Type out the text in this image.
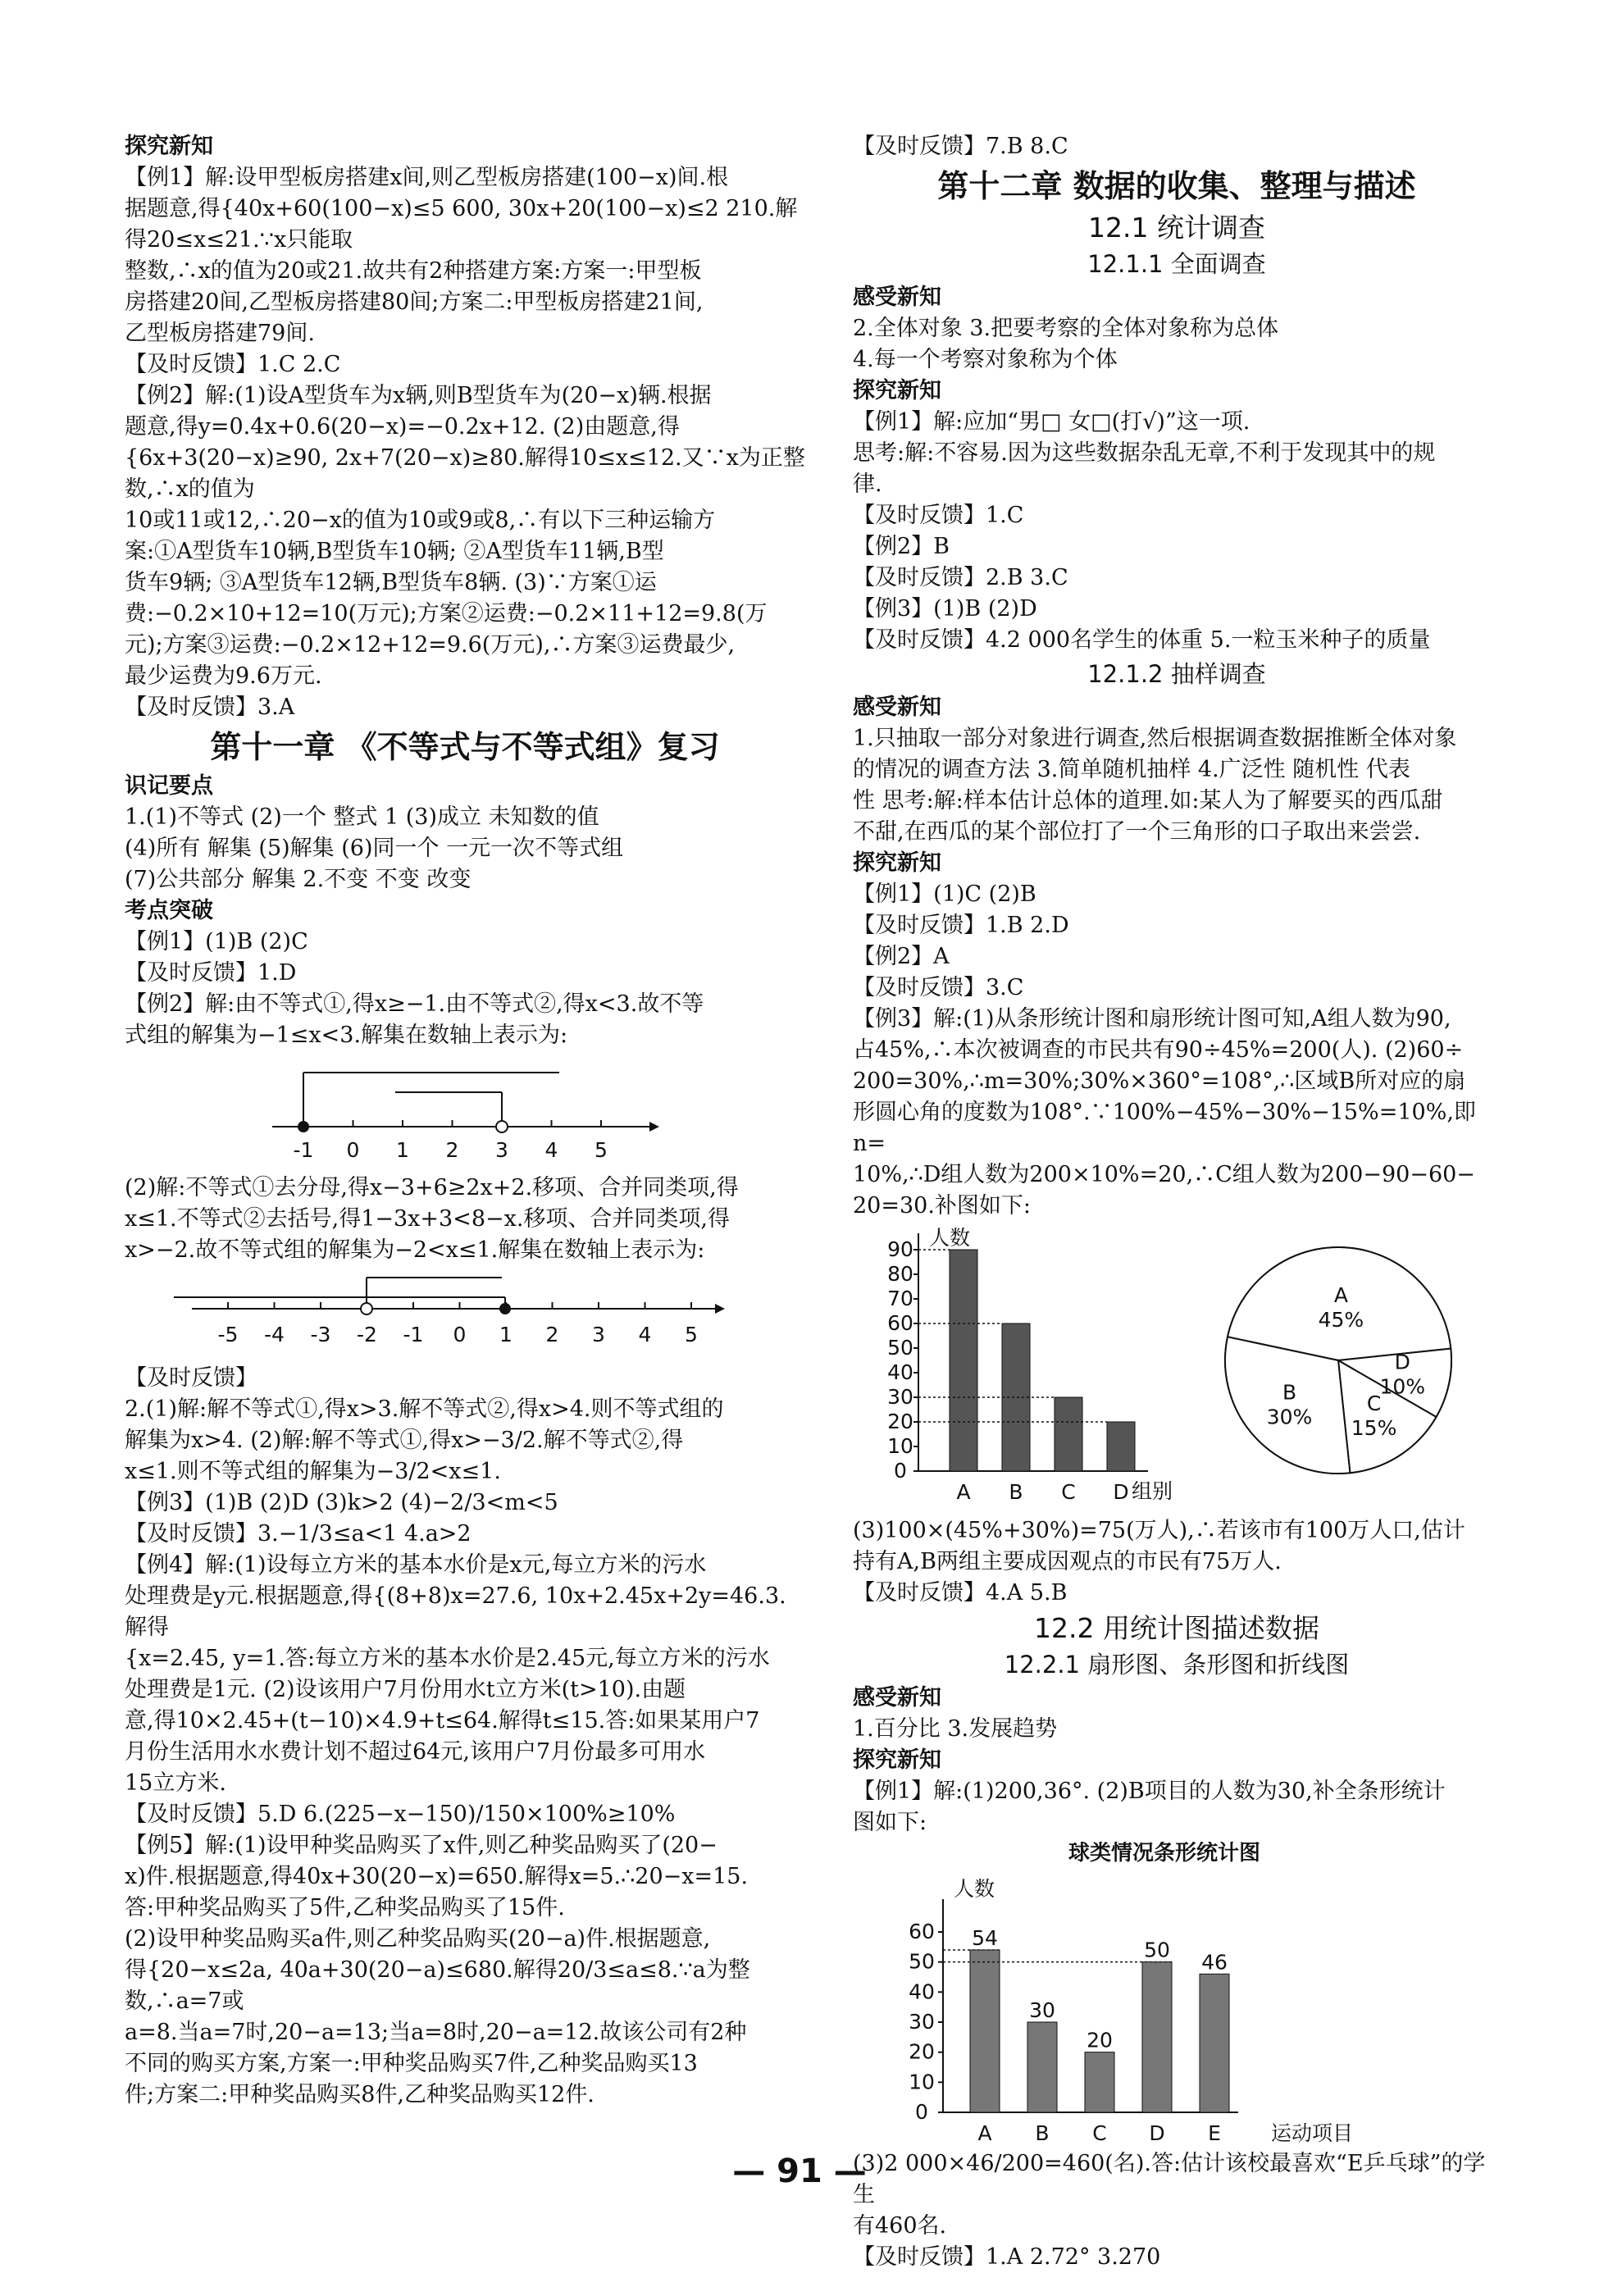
探究新知

【例1】解:设甲型板房搭建x间,则乙型板房搭建(100−x)间.根

据题意,得{40x+60(100−x)≤5 600, 30x+20(100−x)≤2 210.解得20≤x≤21.∵x只能取

整数,∴x的值为20或21.故共有2种搭建方案:方案一:甲型板

房搭建20间,乙型板房搭建80间;方案二:甲型板房搭建21间,

乙型板房搭建79间.

【及时反馈】1.C 2.C

【例2】解:(1)设A型货车为x辆,则B型货车为(20−x)辆.根据

题意,得y=0.4x+0.6(20−x)=−0.2x+12. (2)由题意,得

{6x+3(20−x)≥90, 2x+7(20−x)≥80.解得10≤x≤12.又∵x为正整数,∴x的值为

10或11或12,∴20−x的值为10或9或8,∴有以下三种运输方

案:①A型货车10辆,B型货车10辆; ②A型货车11辆,B型

货车9辆; ③A型货车12辆,B型货车8辆. (3)∵方案①运

费:−0.2×10+12=10(万元);方案②运费:−0.2×11+12=9.8(万

元);方案③运费:−0.2×12+12=9.6(万元),∴方案③运费最少,

最少运费为9.6万元.

【及时反馈】3.A

第十一章 《不等式与不等式组》复习

识记要点

1.(1)不等式 (2)一个 整式 1 (3)成立 未知数的值

(4)所有 解集 (5)解集 (6)同一个 一元一次不等式组

(7)公共部分 解集 2.不变 不变 改变

考点突破

【例1】(1)B (2)C

【及时反馈】1.D

【例2】解:由不等式①,得x≥−1.由不等式②,得x<3.故不等

式组的解集为−1≤x<3.解集在数轴上表示为:

-1 0 1 2 3 4 5

(2)解:不等式①去分母,得x−3+6≥2x+2.移项、合并同类项,得

x≤1.不等式②去括号,得1−3x+3<8−x.移项、合并同类项,得

x>−2.故不等式组的解集为−2<x≤1.解集在数轴上表示为:

-5 -4 -3 -2 -1 0 1 2 3 4 5

【及时反馈】

2.(1)解:解不等式①,得x>3.解不等式②,得x>4.则不等式组的

解集为x>4. (2)解:解不等式①,得x>−3/2.解不等式②,得

x≤1.则不等式组的解集为−3/2<x≤1.

【例3】(1)B (2)D (3)k>2 (4)−2/3<m<5

【及时反馈】3.−1/3≤a<1 4.a>2

【例4】解:(1)设每立方米的基本水价是x元,每立方米的污水

处理费是y元.根据题意,得{(8+8)x=27.6, 10x+2.45x+2y=46.3.解得

{x=2.45, y=1.答:每立方米的基本水价是2.45元,每立方米的污水

处理费是1元. (2)设该用户7月份用水t立方米(t>10).由题

意,得10×2.45+(t−10)×4.9+t≤64.解得t≤15.答:如果某用户7

月份生活用水水费计划不超过64元,该用户7月份最多可用水

15立方米.

【及时反馈】5.D 6.(225−x−150)/150×100%≥10%

【例5】解:(1)设甲种奖品购买了x件,则乙种奖品购买了(20−

x)件.根据题意,得40x+30(20−x)=650.解得x=5.∴20−x=15.

答:甲种奖品购买了5件,乙种奖品购买了15件.

(2)设甲种奖品购买a件,则乙种奖品购买(20−a)件.根据题意,

得{20−x≤2a, 40a+30(20−a)≤680.解得20/3≤a≤8.∵a为整数,∴a=7或

a=8.当a=7时,20−a=13;当a=8时,20−a=12.故该公司有2种

不同的购买方案,方案一:甲种奖品购买7件,乙种奖品购买13

件;方案二:甲种奖品购买8件,乙种奖品购买12件.

【及时反馈】7.B 8.C

第十二章 数据的收集、整理与描述
12.1 统计调查
12.1.1 全面调查

感受新知

2.全体对象 3.把要考察的全体对象称为总体

4.每一个考察对象称为个体

探究新知

【例1】解:应加“男□ 女□(打√)”这一项.

思考:解:不容易.因为这些数据杂乱无章,不利于发现其中的规

律.

【及时反馈】1.C

【例2】B

【及时反馈】2.B 3.C

【例3】(1)B (2)D

【及时反馈】4.2 000名学生的体重 5.一粒玉米种子的质量

12.1.2 抽样调查

感受新知

1.只抽取一部分对象进行调查,然后根据调查数据推断全体对象

的情况的调查方法 3.简单随机抽样 4.广泛性 随机性 代表

性 思考:解:样本估计总体的道理.如:某人为了解要买的西瓜甜

不甜,在西瓜的某个部位打了一个三角形的口子取出来尝尝.

探究新知

【例1】(1)C (2)B

【及时反馈】1.B 2.D

【例2】A

【及时反馈】3.C

【例3】解:(1)从条形统计图和扇形统计图可知,A组人数为90,

占45%,∴本次被调查的市民共有90÷45%=200(人). (2)60÷

200=30%,∴m=30%;30%×360°=108°,∴区域B所对应的扇

形圆心角的度数为108°.∵100%−45%−30%−15%=10%,即n=

10%,∴D组人数为200×10%=20,∴C组人数为200−90−60−

20=30.补图如下:

人数
0
10
20
30
40
50
60
70
80
90
A B C D 组别
A
45%
D
10%
C
15%
B
30%

(3)100×(45%+30%)=75(万人),∴若该市有100万人口,估计

持有A,B两组主要成因观点的市民有75万人.

【及时反馈】4.A 5.B

12.2 用统计图描述数据
12.2.1 扇形图、条形图和折线图

感受新知

1.百分比 3.发展趋势

探究新知

【例1】解:(1)200,36°. (2)B项目的人数为30,补全条形统计

图如下:

球类情况条形统计图
人数
0
10
20
30
40
50
60 54
A
30
B
20
C
50
D
46
E 运动项目

(3)2 000×46/200=460(名).答:估计该校最喜欢“E乒乓球”的学生

有460名.

【及时反馈】1.A 2.72° 3.270

— 91 —
